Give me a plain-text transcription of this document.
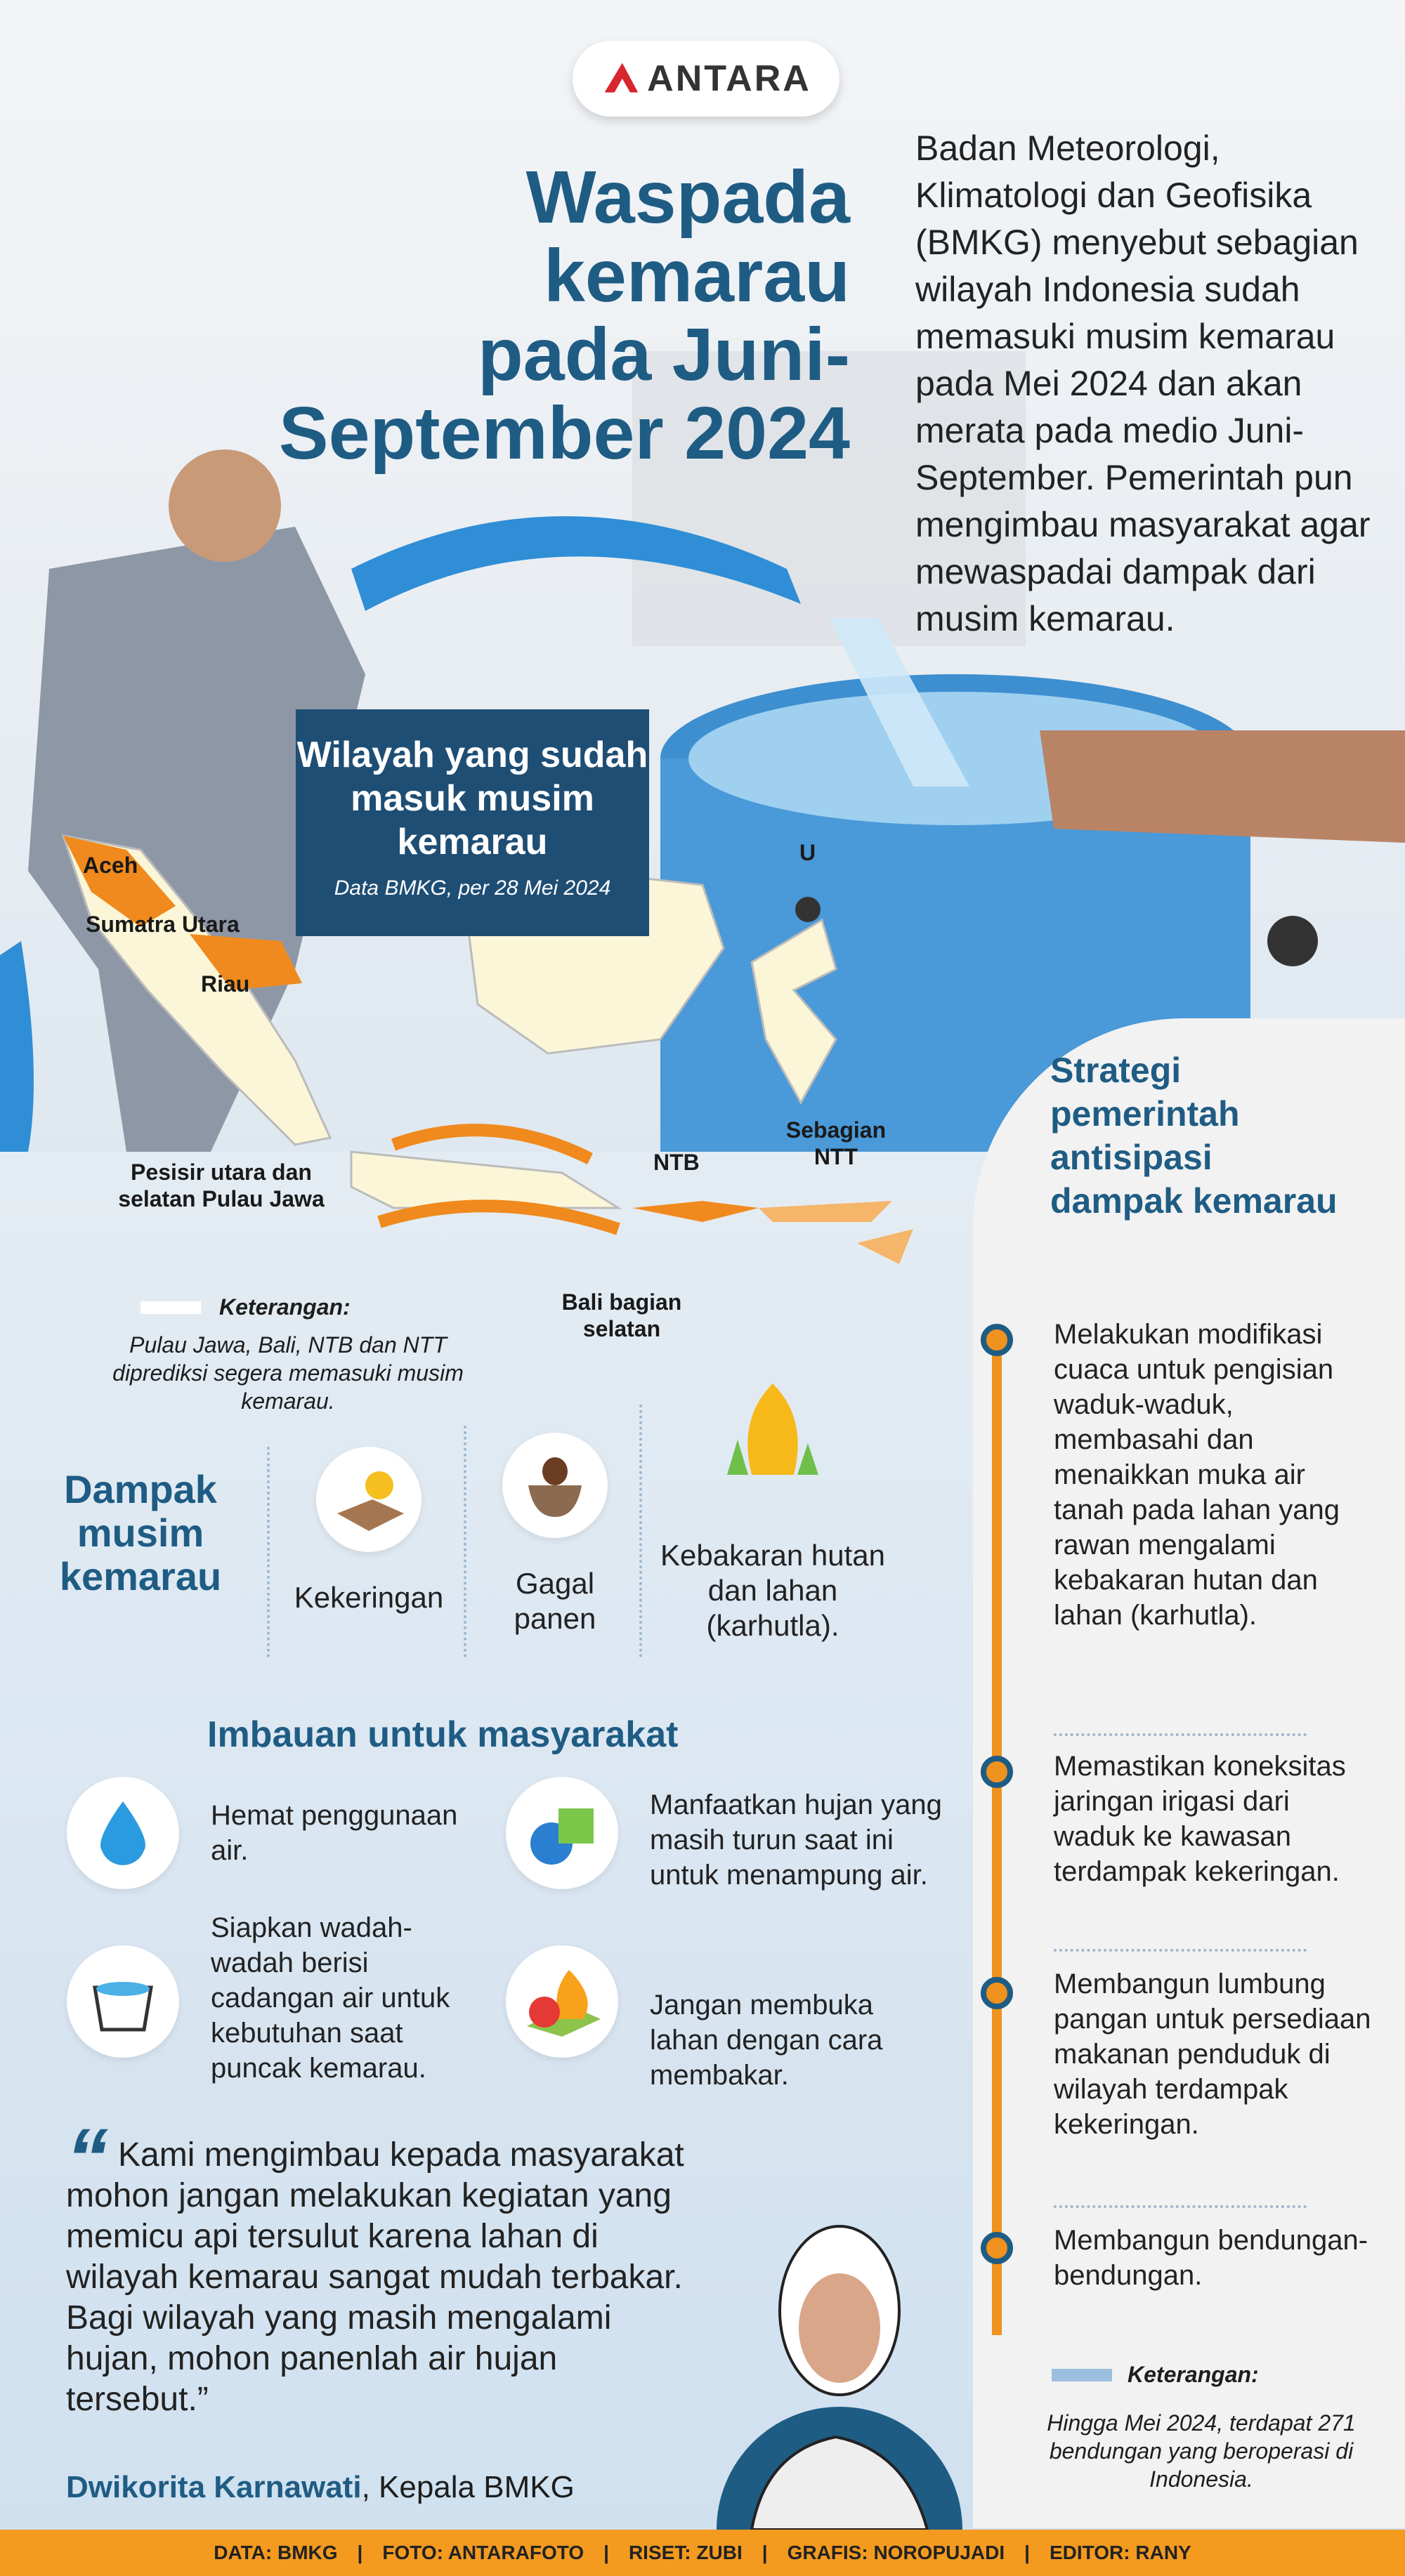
ANTARA
Waspada kemarau
pada Juni-
September 2024
Badan Meteorologi, Klimatologi dan Geofisika (BMKG) menyebut sebagian wilayah Indonesia sudah memasuki musim kemarau pada Mei 2024 dan akan merata pada medio Juni-September. Pemerintah pun mengimbau masyarakat agar mewaspadai dampak dari musim kemarau.
U
Wilayah yang sudah masuk musim kemarau
Data BMKG, per 28 Mei 2024
Aceh
Sumatra Utara
Riau
Pesisir utara dan selatan Pulau Jawa
NTB
Sebagian NTT
Bali bagian selatan
Keterangan:
Pulau Jawa, Bali, NTB dan NTT diprediksi segera memasuki musim kemarau.
Dampak musim kemarau	Kekeringan	Gagal panen
Kebakaran hutan dan lahan (karhutla).
Imbauan untuk masyarakat
Hemat penggunaan air.
Siapkan wadah-wadah berisi cadangan air untuk kebutuhan saat puncak kemarau.
Manfaatkan hujan yang masih turun saat ini untuk menampung air.
Jangan membuka lahan dengan cara membakar.
Strategi pemerintah antisipasi dampak kemarau
Melakukan modifikasi cuaca untuk pengisian waduk-waduk, membasahi dan menaikkan muka air tanah pada lahan yang rawan mengalami kebakaran hutan dan lahan (karhutla).
Memastikan koneksitas jaringan irigasi dari waduk ke kawasan terdampak kekeringan.
Membangun lumbung pangan untuk persediaan makanan penduduk di wilayah terdampak kekeringan.
Membangun bendungan-bendungan.
Keterangan:
Hingga Mei 2024, terdapat 271 bendungan yang beroperasi di Indonesia.
“ Kami mengimbau kepada masyarakat mohon jangan melakukan kegiatan yang memicu api tersulut karena lahan di wilayah kemarau sangat mudah terbakar. Bagi wilayah yang masih mengalami hujan, mohon panenlah air hujan tersebut.”
Dwikorita Karnawati, Kepala BMKG
DATA: BMKG | FOTO: ANTARAFOTO | RISET: ZUBI | GRAFIS: NOROPUJADI | EDITOR: RANY
